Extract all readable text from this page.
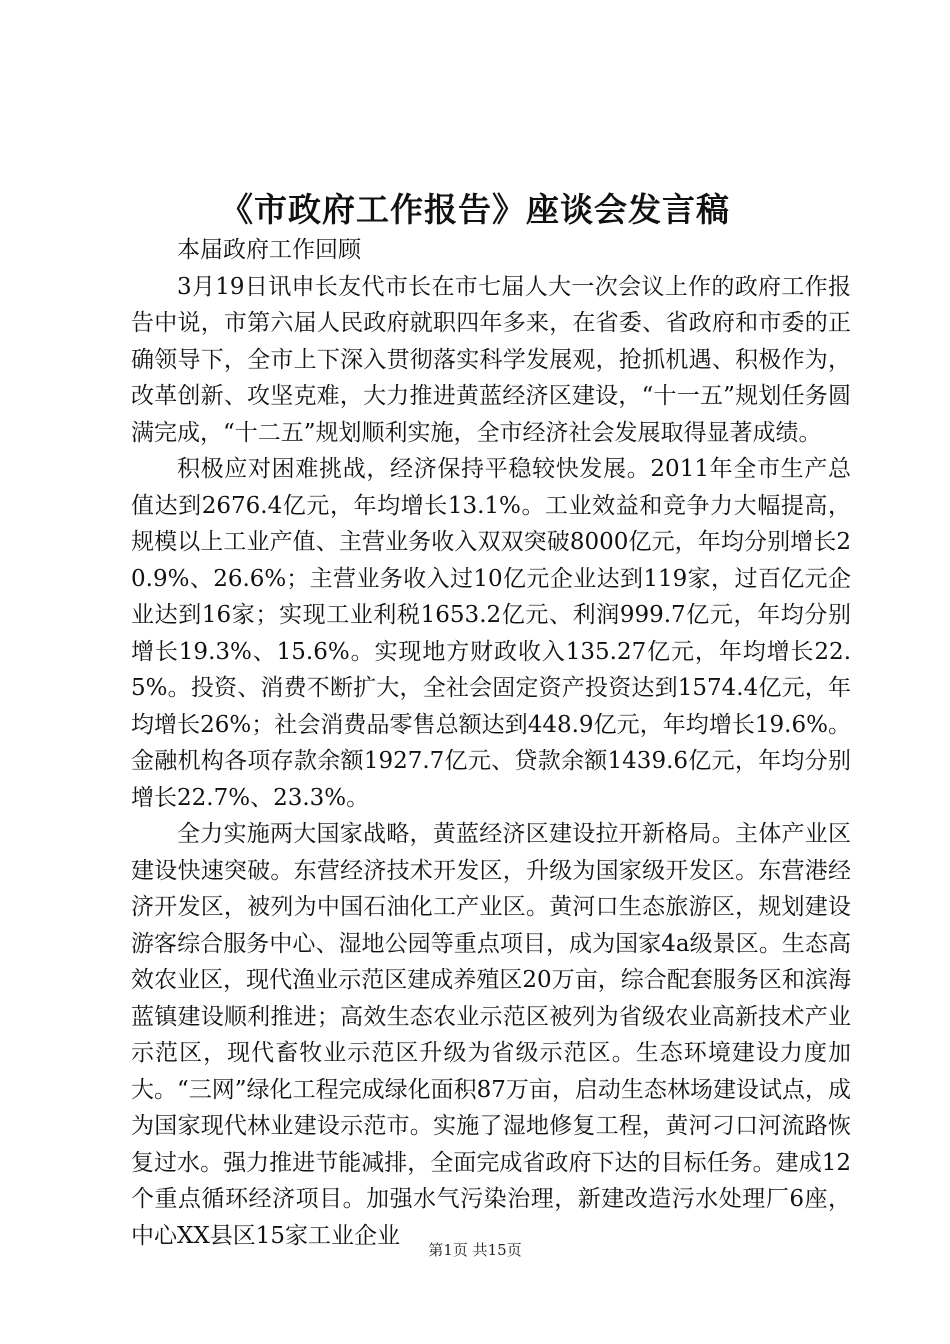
《市政府工作报告》座谈会发言稿

本届政府工作回顾

3月19日讯申长友代市长在市七届人大一次会议上作的政府工作报告中说，市第六届人民政府就职四年多来，在省委、省政府和市委的正确领导下，全市上下深入贯彻落实科学发展观，抢抓机遇、积极作为，改革创新、攻坚克难，大力推进黄蓝经济区建设，“十一五”规划任务圆满完成，“十二五”规划顺利实施，全市经济社会发展取得显著成绩。

积极应对困难挑战，经济保持平稳较快发展。2011年全市生产总值达到2676.4亿元，年均增长13.1%。工业效益和竞争力大幅提高，规模以上工业产值、主营业务收入双双突破8000亿元，年均分别增长20.9%、26.6%；主营业务收入过10亿元企业达到119家，过百亿元企业达到16家；实现工业利税1653.2亿元、利润999.7亿元，年均分别增长19.3%、15.6%。实现地方财政收入135.27亿元，年均增长22.5%。投资、消费不断扩大，全社会固定资产投资达到1574.4亿元，年均增长26%；社会消费品零售总额达到448.9亿元，年均增长19.6%。金融机构各项存款余额1927.7亿元、贷款余额1439.6亿元，年均分别增长22.7%、23.3%。

全力实施两大国家战略，黄蓝经济区建设拉开新格局。主体产业区建设快速突破。东营经济技术开发区，升级为国家级开发区。东营港经济开发区，被列为中国石油化工产业区。黄河口生态旅游区，规划建设游客综合服务中心、湿地公园等重点项目，成为国家4a级景区。生态高效农业区，现代渔业示范区建成养殖区20万亩，综合配套服务区和滨海蓝镇建设顺利推进；高效生态农业示范区被列为省级农业高新技术产业示范区，现代畜牧业示范区升级为省级示范区。生态环境建设力度加大。“三网”绿化工程完成绿化面积87万亩，启动生态林场建设试点，成为国家现代林业建设示范市。实施了湿地修复工程，黄河刁口河流路恢复过水。强力推进节能减排，全面完成省政府下达的目标任务。建成12个重点循环经济项目。加强水气污染治理，新建改造污水处理厂6座，中心XX县区15家工业企业

第1页 共15页
